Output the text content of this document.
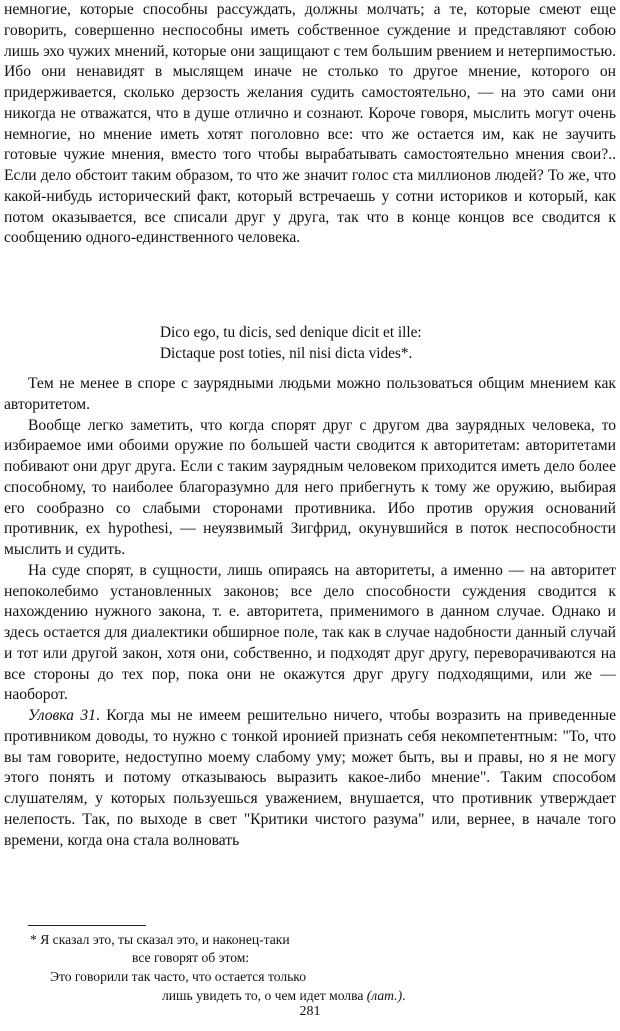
немногие, которые способны рассуждать, должны молчать; а те, которые смеют еще говорить, совершенно неспособны иметь собственное суждение и представляют собою лишь эхо чужих мнений, которые они защищают с тем большим рвением и нетерпимостью. Ибо они ненавидят в мыслящем иначе не столько то другое мнение, которого он придерживается, сколько дерзость желания судить самостоятельно, — на это сами они никогда не отважатся, что в душе отлично и сознают. Короче говоря, мыслить могут очень немногие, но мнение иметь хотят поголовно все: что же остается им, как не заучить готовые чужие мнения, вместо того чтобы вырабатывать самостоятельно мнения свои?.. Если дело обстоит таким образом, то что же значит голос ста миллионов людей? То же, что какой-нибудь исторический факт, который встречаешь у сотни историков и который, как потом оказывается, все списали друг у друга, так что в конце концов все сводится к сообщению одного-единственного человека.

Dico ego, tu dicis, sed denique dicit et ille:
Dictaque post toties, nil nisi dicta vides*.

Тем не менее в споре с заурядными людьми можно пользоваться общим мнением как авторитетом.

Вообще легко заметить, что когда спорят друг с другом два заурядных человека, то избираемое ими обоими оружие по большей части сводится к авторитетам: авторитетами побивают они друг друга. Если с таким заурядным человеком приходится иметь дело более способному, то наиболее благоразумно для него прибегнуть к тому же оружию, выбирая его сообразно со слабыми сторонами противника. Ибо против оружия оснований противник, ex hypothesi, — неуязвимый Зигфрид, окунувшийся в поток неспособности мыслить и судить.

На суде спорят, в сущности, лишь опираясь на авторитеты, а именно — на авторитет непоколебимо установленных законов; все дело способности суждения сводится к нахождению нужного закона, т. е. авторитета, применимого в данном случае. Однако и здесь остается для диалектики обширное поле, так как в случае надобности данный случай и тот или другой закон, хотя они, собственно, и подходят друг другу, переворачиваются на все стороны до тех пор, пока они не окажутся друг другу подходящими, или же — наоборот.

Уловка 31. Когда мы не имеем решительно ничего, чтобы возразить на приведенные противником доводы, то нужно с тонкой иронией признать себя некомпетентным: "То, что вы там говорите, недоступно моему слабому уму; может быть, вы и правы, но я не могу этого понять и потому отказываюсь выразить какое-либо мнение". Таким способом слушателям, у которых пользуешься уважением, внушается, что противник утверждает нелепость. Так, по выходе в свет "Критики чистого разума" или, вернее, в начале того времени, когда она стала волновать

* Я сказал это, ты сказал это, и наконец-таки
все говорят об этом:
Это говорили так часто, что остается только
лишь увидеть то, о чем идет молва (лат.).
281
